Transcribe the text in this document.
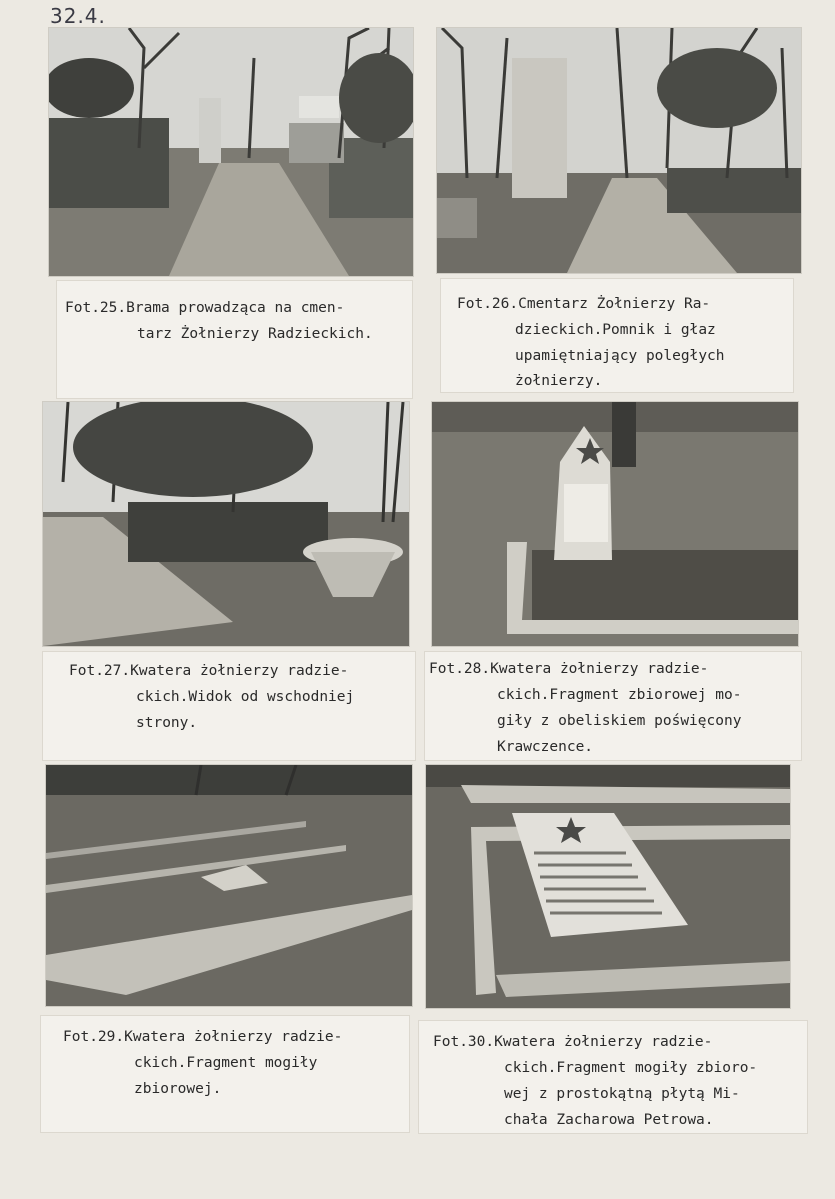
32.4.

Fot.25.Brama prowadząca na cmen-

tarz Żołnierzy Radzieckich.

Fot.26.Cmentarz Żołnierzy Ra-

dzieckich.Pomnik i głaz

upamiętniający poległych

żołnierzy.

Fot.27.Kwatera żołnierzy radzie-

ckich.Widok od wschodniej

strony.

Fot.28.Kwatera żołnierzy radzie-

ckich.Fragment zbiorowej mo-

giły z obeliskiem poświęcony

Krawczence.

Fot.29.Kwatera żołnierzy radzie-

ckich.Fragment mogiły

zbiorowej.

Fot.30.Kwatera żołnierzy radzie-

ckich.Fragment mogiły zbioro-

wej z prostokątną płytą Mi-

chała Zacharowa Petrowa.
